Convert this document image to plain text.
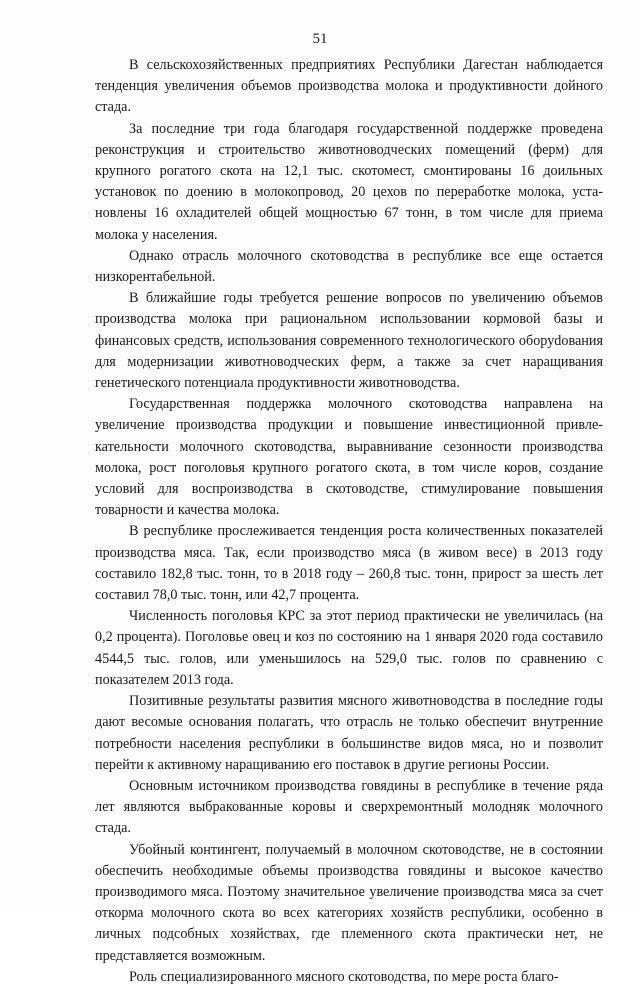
51

В сельскохозяйственных предприятиях Республики Дагестан наблюдается тенденция увеличения объемов производства молока и продуктивности дойного стада.

За последние три года благодаря государственной поддержке проведена реконструкция и строительство животноводческих помещений (ферм) для крупного рогатого скота на 12,1 тыс. скотомест, смонтированы 16 доильных установок по доению в молокопровод, 20 цехов по переработке молока, установлены 16 охладителей общей мощностью 67 тонн, в том числе для приема молока у населения.

Однако отрасль молочного скотоводства в республике все еще остается низкорентабельной.

В ближайшие годы требуется решение вопросов по увеличению объемов производства молока при рациональном использовании кормовой базы и финансовых средств, использования современного технологического оборуdования для модернизации животноводческих ферм, а также за счет наращивания генетического потенциала продуктивности животноводства.

Государственная поддержка молочного скотоводства направлена на увеличение производства продукции и повышение инвестиционной привлекательности молочного скотоводства, выравнивание сезонности производства молока, рост поголовья крупного рогатого скота, в том числе коров, создание условий для воспроизводства в скотоводстве, стимулирование повышения товарности и качества молока.

В республике прослеживается тенденция роста количественных показателей производства мяса. Так, если производство мяса (в живом весе) в 2013 году составило 182,8 тыс. тонн, то в 2018 году – 260,8 тыс. тонн, прирост за шесть лет составил 78,0 тыс. тонн, или 42,7 процента.

Численность поголовья КРС за этот период практически не увеличилась (на 0,2 процента). Поголовье овец и коз по состоянию на 1 января 2020 года составило 4544,5 тыс. голов, или уменьшилось на 529,0 тыс. голов по сравнению с показателем 2013 года.

Позитивные результаты развития мясного животноводства в последние годы дают весомые основания полагать, что отрасль не только обеспечит внутренние потребности населения республики в большинстве видов мяса, но и позволит перейти к активному наращиванию его поставок в другие регионы России.

Основным источником производства говядины в республике в течение ряда лет являются выбракованные коровы и сверхремонтный молодняк молочного стада.

Убойный контингент, получаемый в молочном скотоводстве, не в состоянии обеспечить необходимые объемы производства говядины и высокое качество производимого мяса. Поэтому значительное увеличение производства мяса за счет откорма молочного скота во всех категориях хозяйств республики, особенно в личных подсобных хозяйствах, где племенного скота практически нет, не представляется возможным.

Роль специализированного мясного скотоводства, по мере роста благо-
